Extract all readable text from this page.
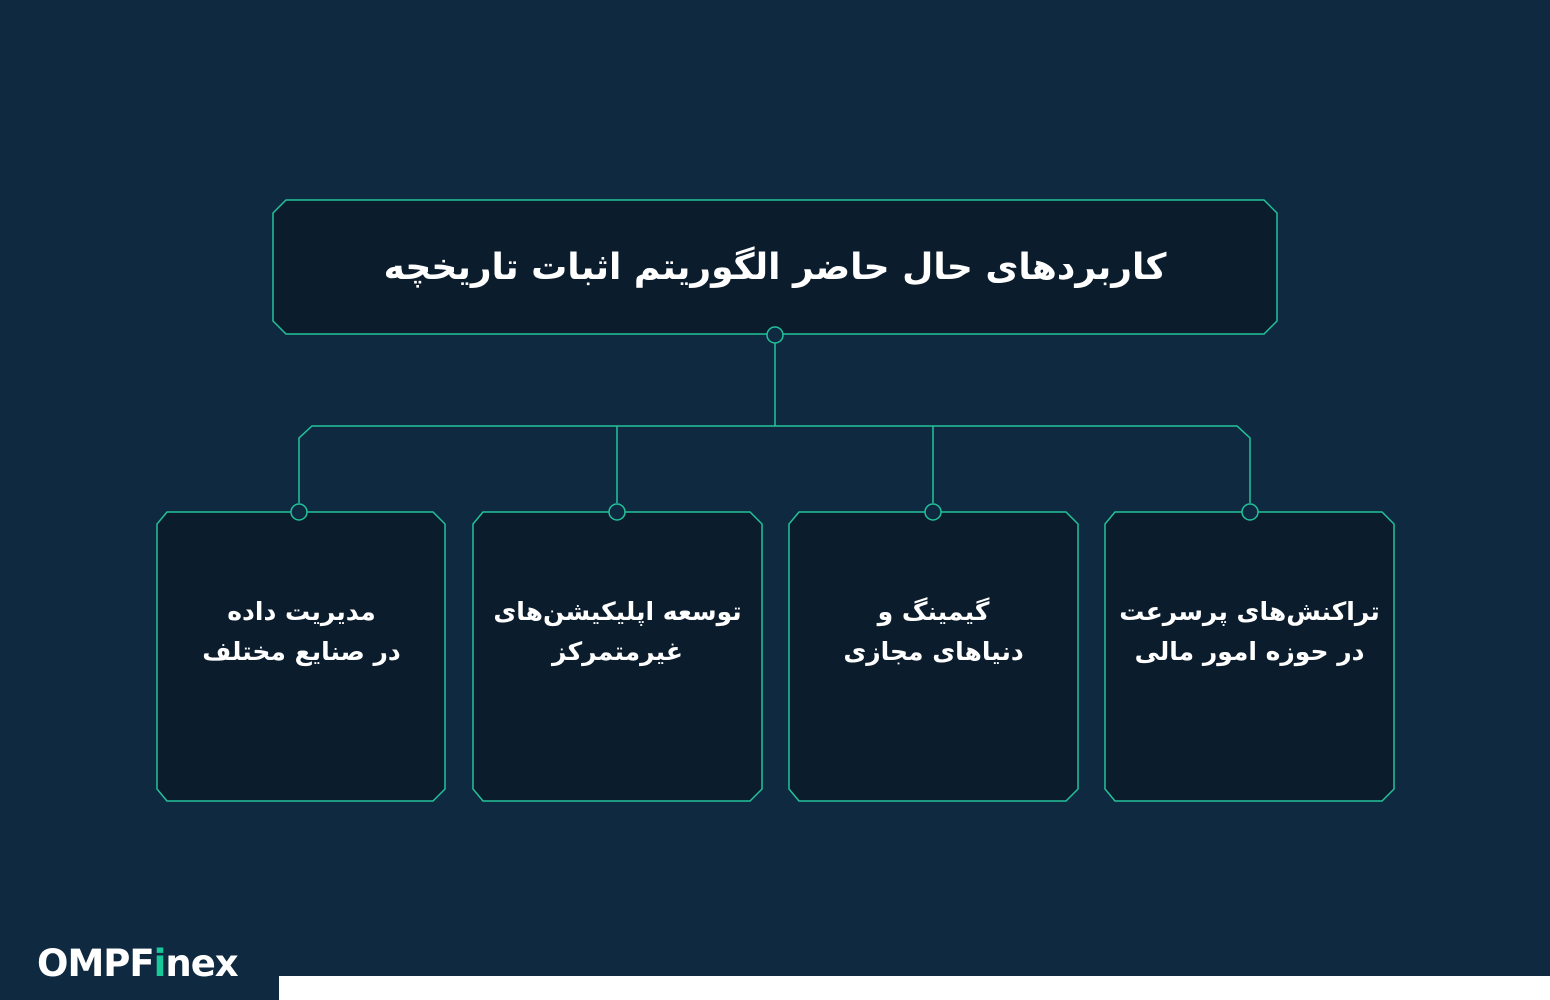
کاربردهای حال حاضر الگوریتم اثبات تاریخچه
تراکنش‌های پرسرعت
در حوزه امور مالی
گیمینگ و
دنیاهای مجازی
توسعه اپلیکیشن‌های
غیرمتمرکز
مدیریت داده
در صنایع مختلف
OMPFinex
